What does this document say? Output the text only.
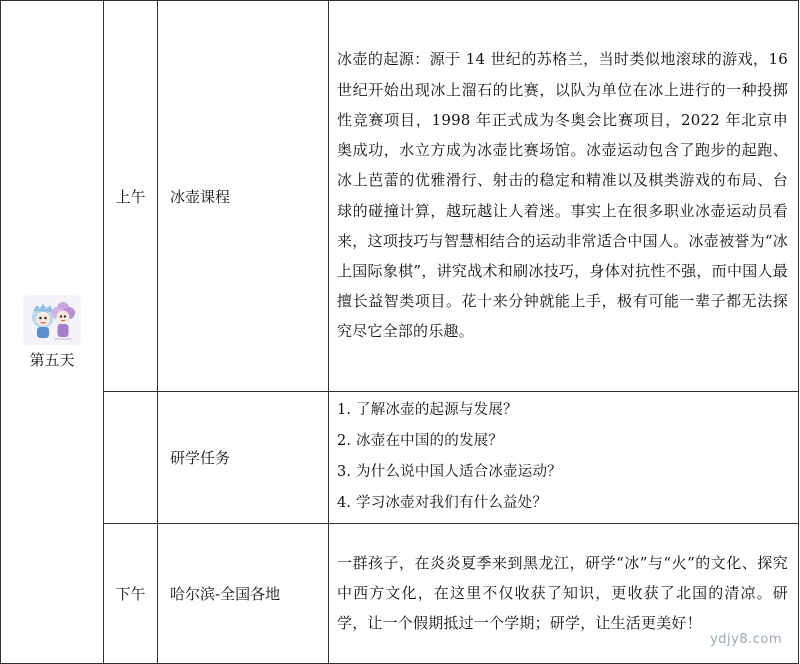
第五天	上午	冰壶课程	冰壶的起源：源于 14 世纪的苏格兰，当时类似地滚球的游戏，16 世纪开始出现冰上溜石的比赛，以队为单位在冰上进行的一种投掷性竞赛项目，1998 年正式成为冬奥会比赛项目，2022 年北京申奥成功，水立方成为冰壶比赛场馆。冰壶运动包含了跑步的起跑、冰上芭蕾的优雅滑行、射击的稳定和精准以及棋类游戏的布局、台球的碰撞计算，越玩越让人着迷。事实上在很多职业冰壶运动员看来，这项技巧与智慧相结合的运动非常适合中国人。冰壶被誉为“冰上国际象棋”，讲究战术和刷冰技巧，身体对抗性不强，而中国人最擅长益智类项目。花十来分钟就能上手，极有可能一辈子都无法探究尽它全部的乐趣。
		研学任务	1. 了解冰壶的起源与发展？
2. 冰壶在中国的的发展？
3. 为什么说中国人适合冰壶运动？
4. 学习冰壶对我们有什么益处？

	下午	哈尔滨-全国各地	一群孩子，在炎炎夏季来到黑龙江，研学“冰”与“火”的文化、探究中西方文化，在这里不仅收获了知识，更收获了北国的清凉。研学，让一个假期抵过一个学期；研学，让生活更美好！
ydjy8.com
